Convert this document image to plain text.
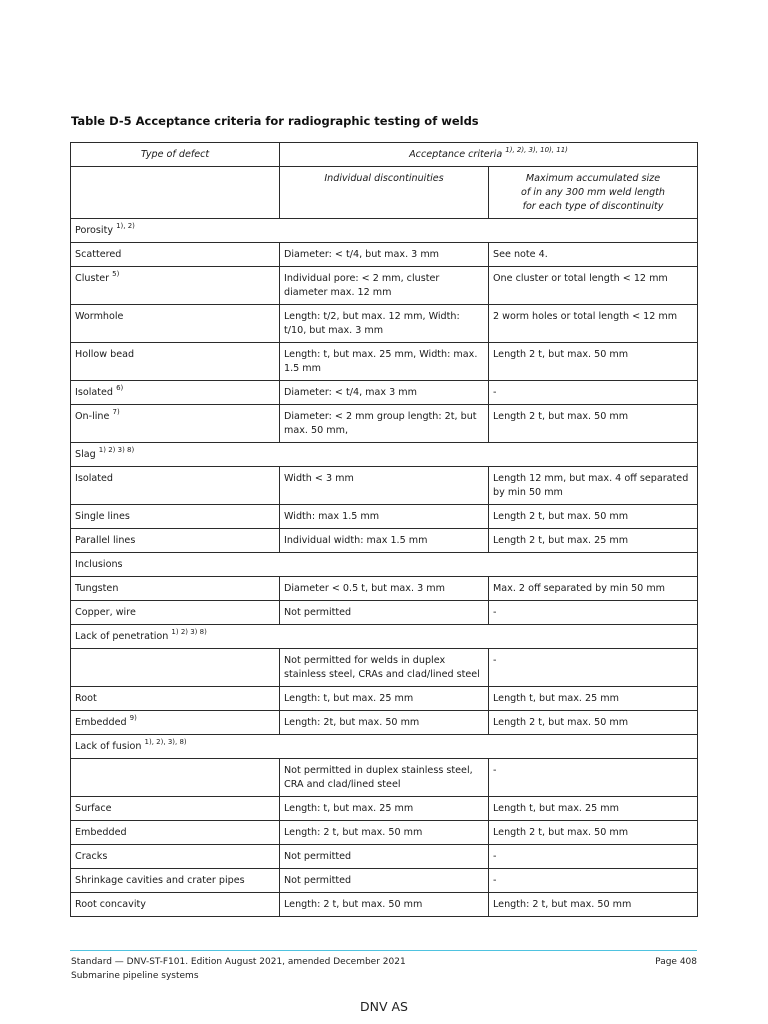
Table D-5 Acceptance criteria for radiographic testing of welds
Type of defect	Acceptance criteria $^{1), 2), 3), 10), 11)}$
	Individual discontinuities	Maximum accumulated size
of in any 300 mm weld length
for each type of discontinuity

Porosity $^{1), 2)}$
Scattered	Diameter: < t/4, but max. 3 mm	See note 4.
Cluster $^{5)}$	Individual pore: < 2 mm, cluster diameter max. 12 mm	One cluster or total length < 12 mm
Wormhole	Length: t/2, but max. 12 mm, Width: t/10, but max. 3 mm	2 worm holes or total length < 12 mm
Hollow bead	Length: t, but max. 25 mm, Width: max. 1.5 mm	Length 2 t, but max. 50 mm
Isolated $^{6)}$	Diameter: < t/4, max 3 mm	-
On-line $^{7)}$	Diameter: < 2 mm group length: 2t, but max. 50 mm,	Length 2 t, but max. 50 mm
Slag $^{1) 2) 3) 8)}$
Isolated	Width < 3 mm	Length 12 mm, but max. 4 off separated by min 50 mm
Single lines	Width: max 1.5 mm	Length 2 t, but max. 50 mm
Parallel lines	Individual width: max 1.5 mm	Length 2 t, but max. 25 mm
Inclusions		
Tungsten	Diameter < 0.5 t, but max. 3 mm	Max. 2 off separated by min 50 mm
Copper, wire	Not permitted	-
Lack of penetration $^{1) 2) 3) 8)}$
	Not permitted for welds in duplex stainless steel, CRAs and clad/lined steel	-
Root	Length: t, but max. 25 mm	Length t, but max. 25 mm
Embedded $^{9)}$	Length: 2t, but max. 50 mm	Length 2 t, but max. 50 mm
Lack of fusion $^{1), 2), 3), 8)}$
	Not permitted in duplex stainless steel, CRA and clad/lined steel	-
Surface	Length: t, but max. 25 mm	Length t, but max. 25 mm
Embedded	Length: 2 t, but max. 50 mm	Length 2 t, but max. 50 mm
Cracks	Not permitted	-
Shrinkage cavities and crater pipes	Not permitted	-
Root concavity	Length: 2 t, but max. 50 mm	Length: 2 t, but max. 50 mm
Standard — DNV-ST-F101. Edition August 2021, amended December 2021
Submarine pipeline systems
Page 408
DNV AS
